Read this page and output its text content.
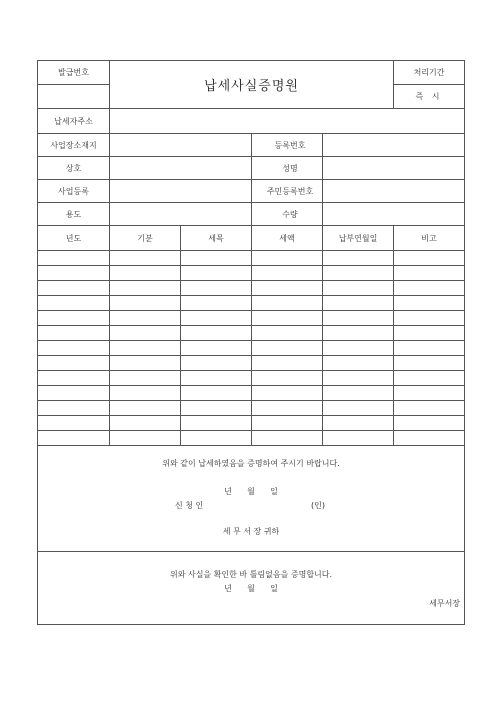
발급번호	납세사실증명원				처리기간
					즉 시
납세자주소					
사업장소재지			등록번호		
상호			성명		
사업등록			주민등록번호		
용도			수량		
년도	기분	세목	세액	납부연월일	비고

위와 같이 납세하였음을 증명하여 주시기 바랍니다.
년      월      일
신 청 인 (인)
세 무 서 장 귀하					

위와 사실을 확인한 바 틀림없음을 증명합니다.
년      월      일
세무서장					
